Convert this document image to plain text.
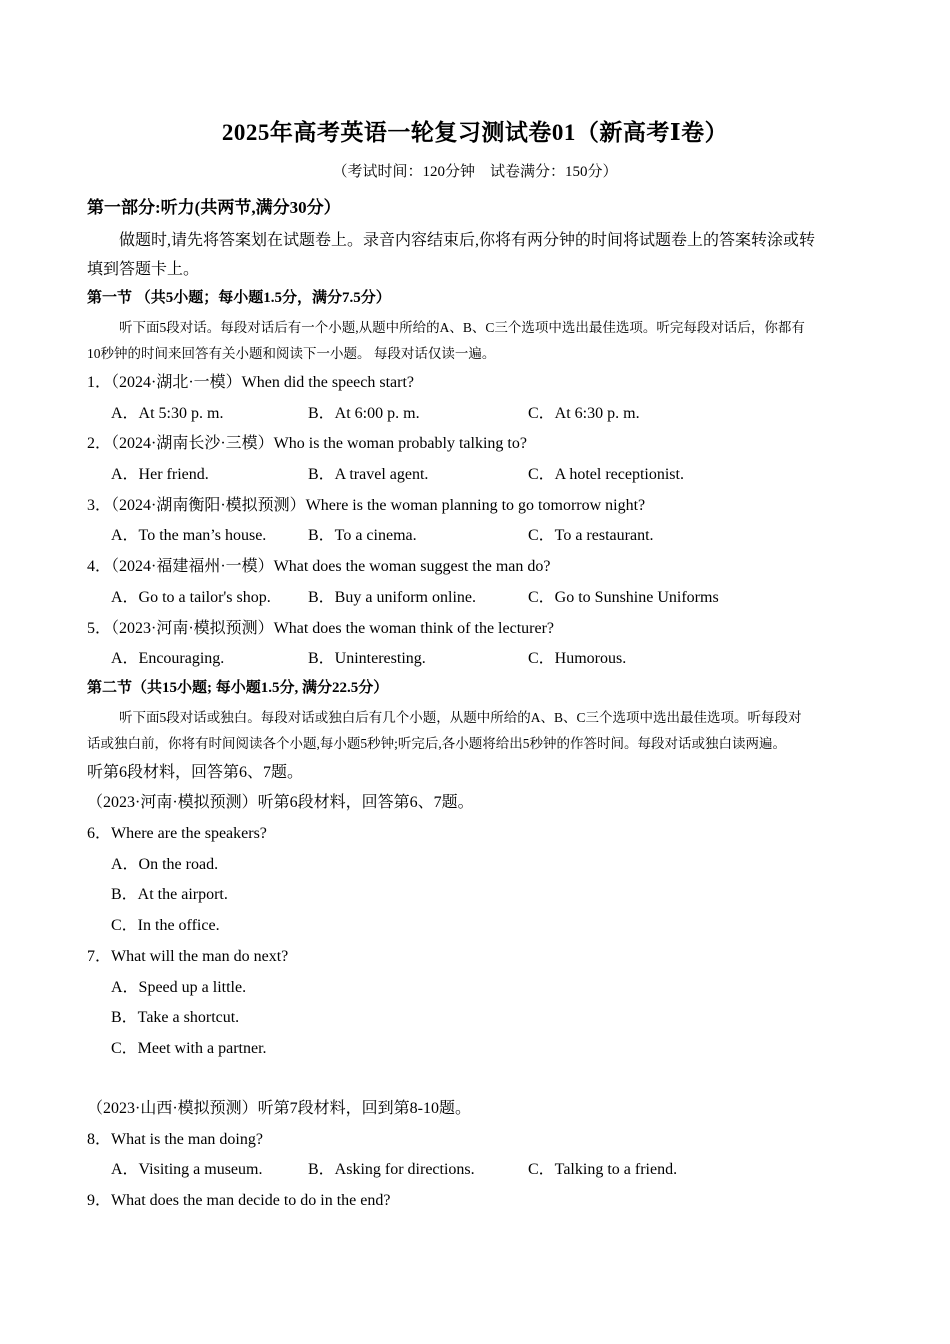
2025年高考英语一轮复习测试卷01（新高考Ⅰ卷）
（考试时间：120分钟　试卷满分：150分）
第一部分:听力(共两节,满分30分）
做题时,请先将答案划在试题卷上。录音内容结束后,你将有两分钟的时间将试题卷上的答案转涂或转
填到答题卡上。
第一节 （共5小题；每小题1.5分，满分7.5分）
听下面5段对话。每段对话后有一个小题,从题中所给的A、B、C三个选项中选出最佳选项。听完每段对话后，你都有
10秒钟的时间来回答有关小题和阅读下一小题。 每段对话仅读一遍。
1．（2024·湖北·一模）When did the speech start?
A．At 5:30 p. m.	B．At 6:00 p. m.	C．At 6:30 p. m.
2．（2024·湖南长沙·三模）Who is the woman probably talking to?
A．Her friend.	B．A travel agent.	C．A hotel receptionist.
3．（2024·湖南衡阳·模拟预测）Where is the woman planning to go tomorrow night?
A．To the man’s house.	B．To a cinema.	C．To a restaurant.
4．（2024·福建福州·一模）What does the woman suggest the man do?
A．Go to a tailor's shop. B．Buy a uniform online.	C．Go to Sunshine Uniforms
5．（2023·河南·模拟预测）What does the woman think of the lecturer?
A．Encouraging.	B．Uninteresting.	C．Humorous.
第二节（共15小题; 每小题1.5分, 满分22.5分）
听下面5段对话或独白。每段对话或独白后有几个小题，从题中所给的A、B、C三个选项中选出最佳选项。听每段对
话或独白前，你将有时间阅读各个小题,每小题5秒钟;听完后,各小题将给出5秒钟的作答时间。每段对话或独白读两遍。
听第6段材料，回答第6、7题。
（2023·河南·模拟预测）听第6段材料，回答第6、7题。
6．Where are the speakers?
A．On the road.
B．At the airport.
C．In the office.
7．What will the man do next?
A．Speed up a little.
B．Take a shortcut.
C．Meet with a partner.
（2023·山西·模拟预测）听第7段材料，回到第8-10题。
8．What is the man doing?
A．Visiting a museum.	B．Asking for directions.	C．Talking to a friend.
9．What does the man decide to do in the end?
